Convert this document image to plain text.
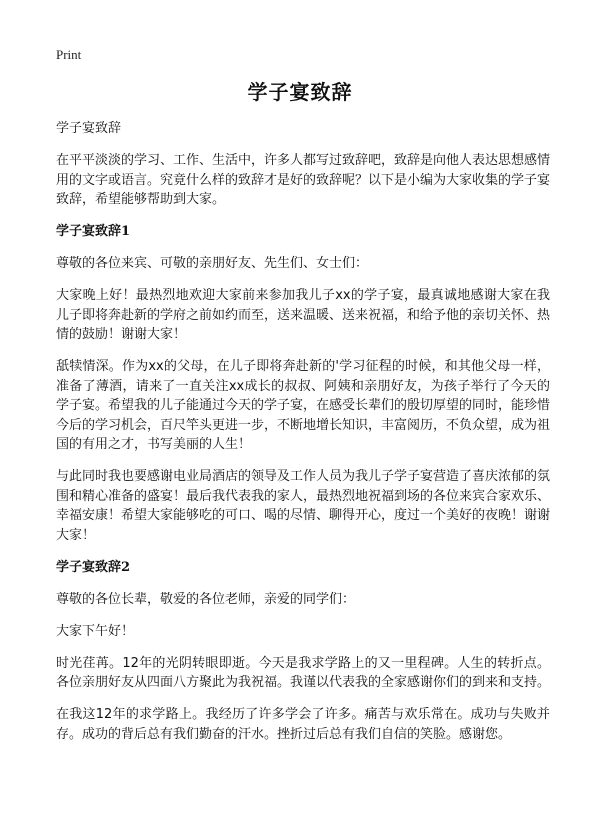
Print
学子宴致辞

学子宴致辞

在平平淡淡的学习、工作、生活中，许多人都写过致辞吧，致辞是向他人表达思想感情用的文字或语言。究竟什么样的致辞才是好的致辞呢？以下是小编为大家收集的学子宴致辞，希望能够帮助到大家。

学子宴致辞1

尊敬的各位来宾、可敬的亲朋好友、先生们、女士们：

大家晚上好！最热烈地欢迎大家前来参加我儿子xx的学子宴，最真诚地感谢大家在我儿子即将奔赴新的学府之前如约而至，送来温暖、送来祝福，和给予他的亲切关怀、热情的鼓励！谢谢大家！

舐犊情深。作为xx的父母，在儿子即将奔赴新的'学习征程的时候，和其他父母一样，准备了薄酒，请来了一直关注xx成长的叔叔、阿姨和亲朋好友，为孩子举行了今天的学子宴。希望我的儿子能通过今天的学子宴，在感受长辈们的殷切厚望的同时，能珍惜今后的学习机会，百尺竿头更进一步，不断地增长知识，丰富阅历，不负众望，成为祖国的有用之才，书写美丽的人生！

与此同时我也要感谢电业局酒店的领导及工作人员为我儿子学子宴营造了喜庆浓郁的氛围和精心准备的盛宴！最后我代表我的家人，最热烈地祝福到场的各位来宾合家欢乐、幸福安康！希望大家能够吃的可口、喝的尽情、聊得开心，度过一个美好的夜晚！谢谢大家！

学子宴致辞2

尊敬的各位长辈，敬爱的各位老师，亲爱的同学们：

大家下午好！

时光荏苒。12年的光阴转眼即逝。今天是我求学路上的又一里程碑。人生的转折点。各位亲朋好友从四面八方聚此为我祝福。我谨以代表我的全家感谢你们的到来和支持。

在我这12年的求学路上。我经历了许多学会了许多。痛苦与欢乐常在。成功与失败并存。成功的背后总有我们勤奋的汗水。挫折过后总有我们自信的笑脸。感谢您。
